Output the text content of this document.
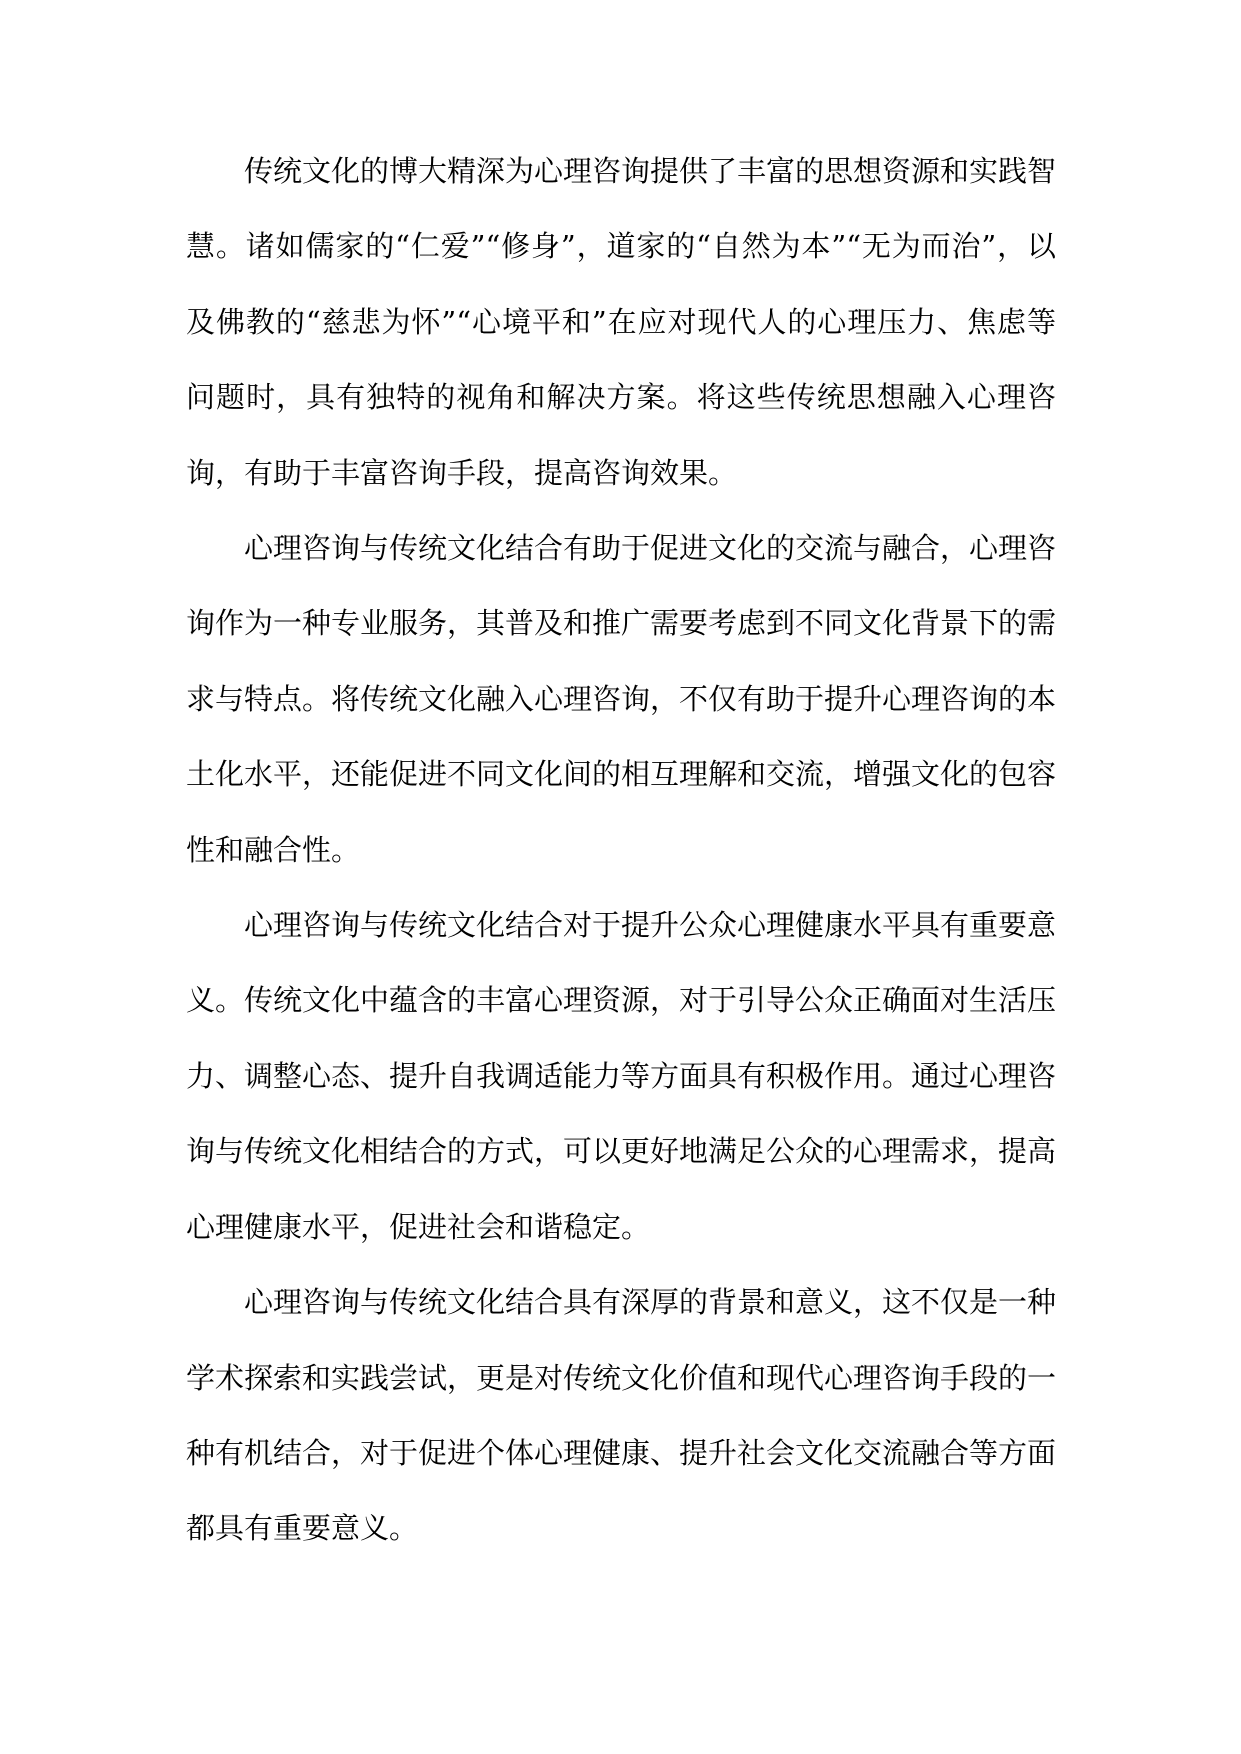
传统文化的博大精深为心理咨询提供了丰富的思想资源和实践智慧。诸如儒家的“仁爱”“修身”，道家的“自然为本”“无为而治”，以及佛教的“慈悲为怀”“心境平和”在应对现代人的心理压力、焦虑等问题时，具有独特的视角和解决方案。将这些传统思想融入心理咨询，有助于丰富咨询手段，提高咨询效果。

心理咨询与传统文化结合有助于促进文化的交流与融合，心理咨询作为一种专业服务，其普及和推广需要考虑到不同文化背景下的需求与特点。将传统文化融入心理咨询，不仅有助于提升心理咨询的本土化水平，还能促进不同文化间的相互理解和交流，增强文化的包容性和融合性。

心理咨询与传统文化结合对于提升公众心理健康水平具有重要意义。传统文化中蕴含的丰富心理资源，对于引导公众正确面对生活压力、调整心态、提升自我调适能力等方面具有积极作用。通过心理咨询与传统文化相结合的方式，可以更好地满足公众的心理需求，提高心理健康水平，促进社会和谐稳定。

心理咨询与传统文化结合具有深厚的背景和意义，这不仅是一种学术探索和实践尝试，更是对传统文化价值和现代心理咨询手段的一种有机结合，对于促进个体心理健康、提升社会文化交流融合等方面都具有重要意义。
